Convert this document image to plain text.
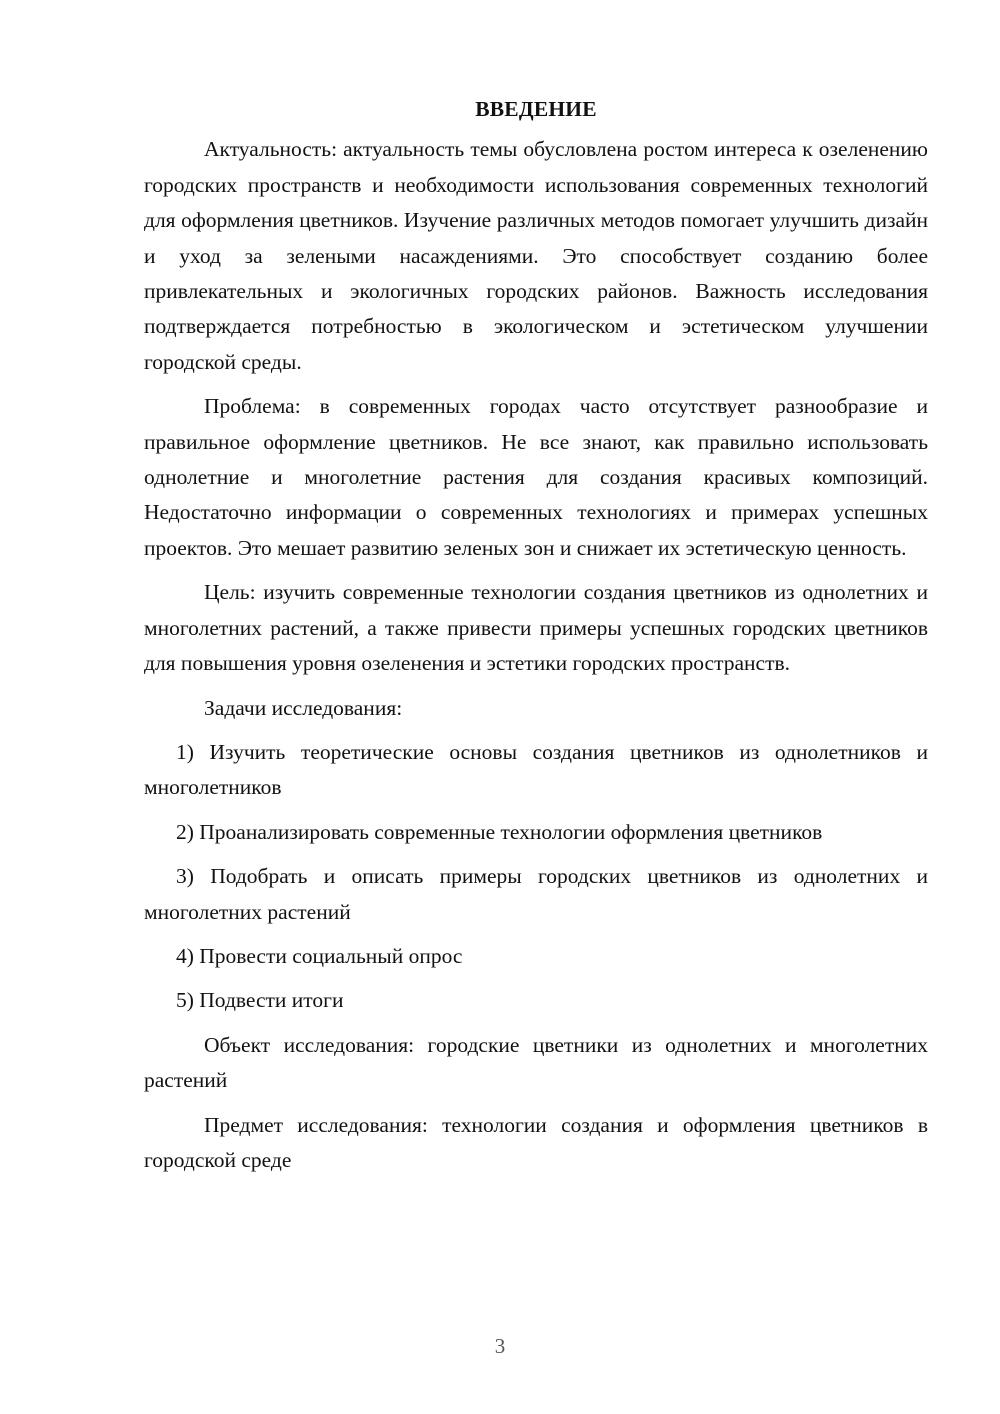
ВВЕДЕНИЕ

Актуальность: актуальность темы обусловлена ростом интереса к озеленению городских пространств и необходимости использования современных технологий для оформления цветников. Изучение различных методов помогает улучшить дизайн и уход за зелеными насаждениями. Это способствует созданию более привлекательных и экологичных городских районов. Важность исследования подтверждается потребностью в экологическом и эстетическом улучшении городской среды.

Проблема: в современных городах часто отсутствует разнообразие и правильное оформление цветников. Не все знают, как правильно использовать однолетние и многолетние растения для создания красивых композиций. Недостаточно информации о современных технологиях и примерах успешных проектов. Это мешает развитию зеленых зон и снижает их эстетическую ценность.

Цель: изучить современные технологии создания цветников из однолетних и многолетних растений, а также привести примеры успешных городских цветников для повышения уровня озеленения и эстетики городских пространств.

Задачи исследования:

1) Изучить теоретические основы создания цветников из однолетников и многолетников

2) Проанализировать современные технологии оформления цветников

3) Подобрать и описать примеры городских цветников из однолетних и многолетних растений

4) Провести социальный опрос

5) Подвести итоги

Объект исследования: городские цветники из однолетних и многолетних растений

Предмет исследования: технологии создания и оформления цветников в городской среде

3
